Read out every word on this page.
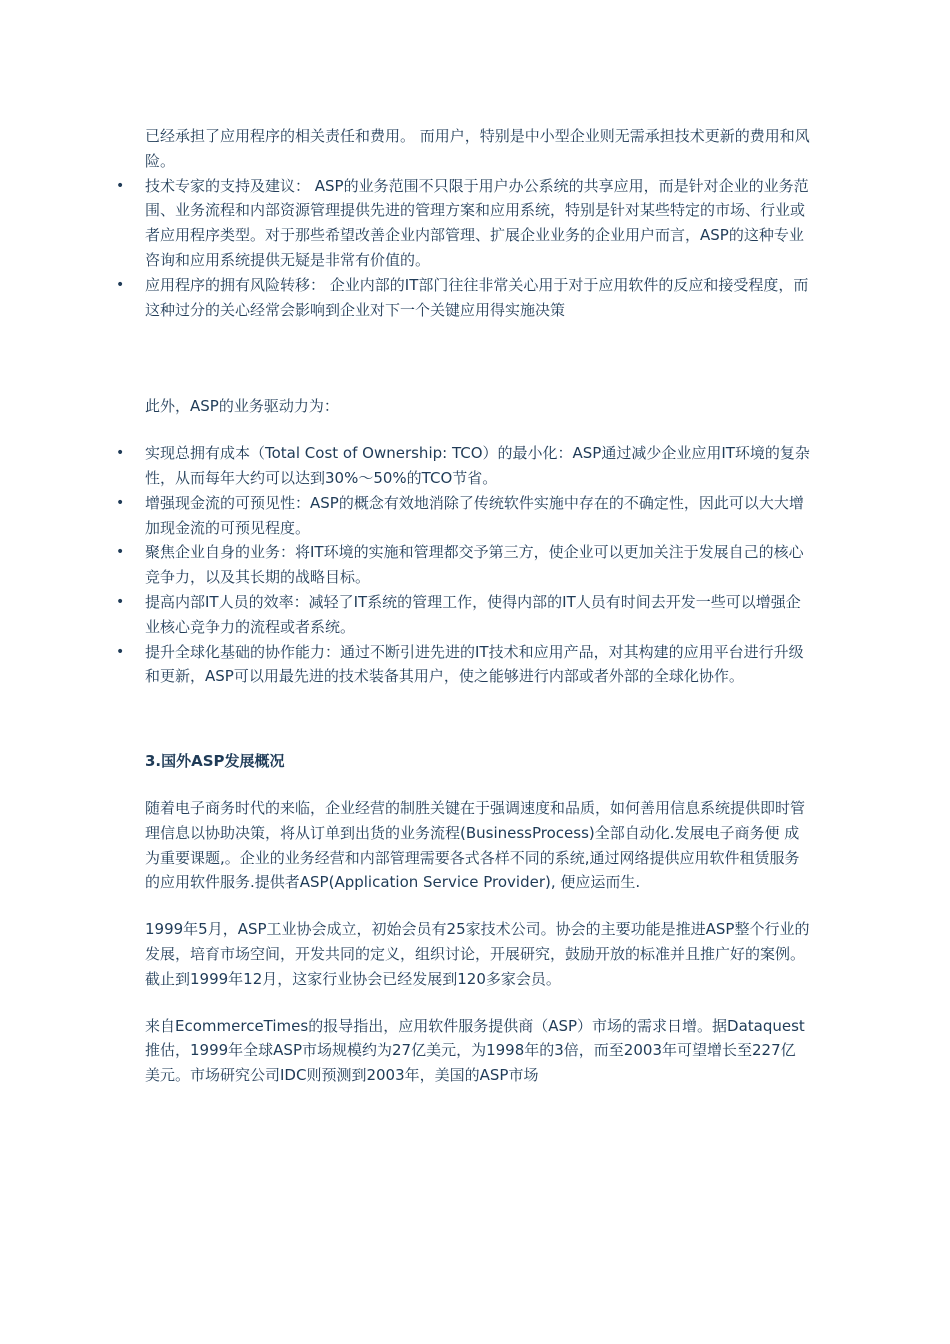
已经承担了应用程序的相关责任和费用。 而用户，特别是中小型企业则无需承担技术更新的费用和风险。

• 技术专家的支持及建议： ASP的业务范围不只限于用户办公系统的共享应用，而是针对企业的业务范围、业务流程和内部资源管理提供先进的管理方案和应用系统，特别是针对某些特定的市场、行业或者应用程序类型。对于那些希望改善企业内部管理、扩展企业业务的企业用户而言，ASP的这种专业咨询和应用系统提供无疑是非常有价值的。
• 应用程序的拥有风险转移： 企业内部的IT部门往往非常关心用于对于应用软件的反应和接受程度，而这种过分的关心经常会影响到企业对下一个关键应用得实施决策

此外，ASP的业务驱动力为：

• 实现总拥有成本（Total Cost of Ownership: TCO）的最小化：ASP通过减少企业应用IT环境的复杂性，从而每年大约可以达到30%～50%的TCO节省。
• 增强现金流的可预见性：ASP的概念有效地消除了传统软件实施中存在的不确定性，因此可以大大增加现金流的可预见程度。
• 聚焦企业自身的业务：将IT环境的实施和管理都交予第三方，使企业可以更加关注于发展自己的核心竞争力，以及其长期的战略目标。
• 提高内部IT人员的效率：减轻了IT系统的管理工作，使得内部的IT人员有时间去开发一些可以增强企业核心竞争力的流程或者系统。
• 提升全球化基础的协作能力：通过不断引进先进的IT技术和应用产品，对其构建的应用平台进行升级和更新，ASP可以用最先进的技术装备其用户，使之能够进行内部或者外部的全球化协作。

3.国外ASP发展概况

随着电子商务时代的来临，企业经营的制胜关键在于强调速度和品质，如何善用信息系统提供即时管理信息以协助决策，将从订单到出货的业务流程(BusinessProcess)全部自动化.发展电子商务便 成为重要课题,。企业的业务经营和内部管理需要各式各样不同的系统,通过网络提供应用软件租赁服务的应用软件服务.提供者ASP(Application Service Provider), 便应运而生.

1999年5月，ASP工业协会成立，初始会员有25家技术公司。协会的主要功能是推进ASP整个行业的发展，培育市场空间，开发共同的定义，组织讨论，开展研究，鼓励开放的标准并且推广好的案例。截止到1999年12月，这家行业协会已经发展到120多家会员。

来自EcommerceTimes的报导指出，应用软件服务提供商（ASP）市场的需求日增。据Dataquest推估，1999年全球ASP市场规模约为27亿美元，为1998年的3倍，而至2003年可望增长至227亿美元。市场研究公司IDC则预测到2003年，美国的ASP市场
